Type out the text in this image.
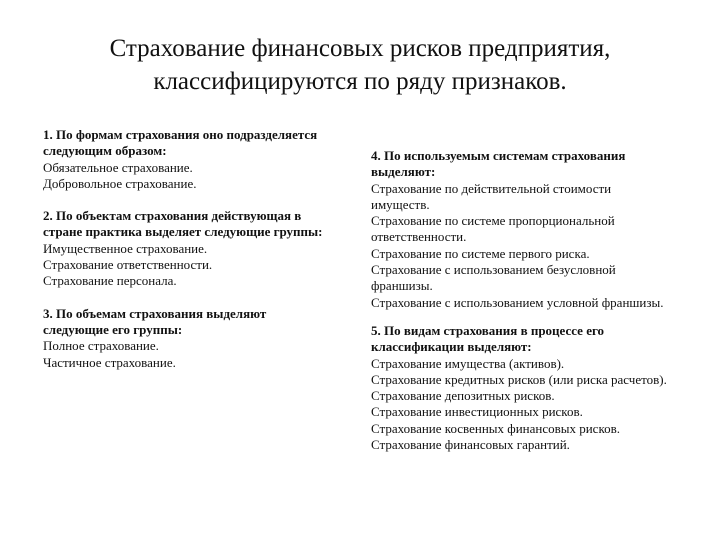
Страхование финансовых рисков предприятия,
классифицируются по ряду признаков.
1. По формам страхования оно подразделяется
следующим образом:
Обязательное страхование.
Добровольное страхование.
2. По объектам страхования действующая в
стране практика выделяет следующие группы:
Имущественное страхование.
Страхование ответственности.
Страхование персонала.
3. По объемам страхования выделяют
следующие его группы:
Полное страхование.
Частичное страхование.
4. По используемым системам страхования
выделяют:
Страхование по действительной стоимости имуществ.
Страхование по системе пропорциональной ответственности.
Страхование по системе первого риска.
Страхование с использованием безусловной франшизы.
Страхование с использованием условной франшизы.
5. По видам страхования в процессе его
классификации выделяют:
Страхование имущества (активов).
Страхование кредитных рисков (или риска расчетов).
Страхование депозитных рисков.
Страхование инвестиционных рисков.
Страхование косвенных финансовых рисков.
Страхование финансовых гарантий.
